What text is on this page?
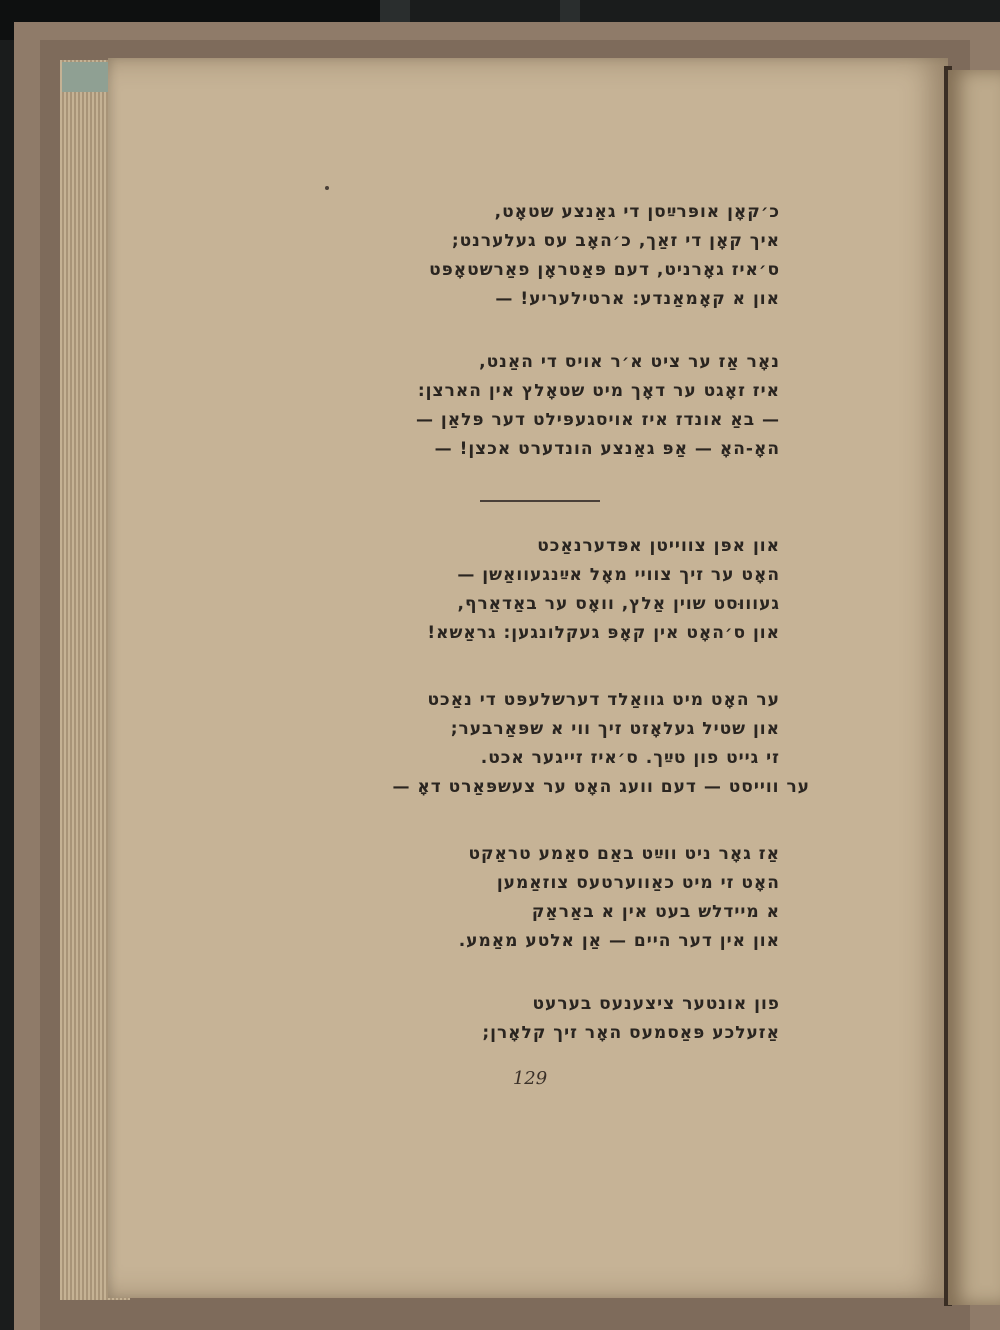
כ׳קאָן אופּרײַסן די גאַנצע שטאָט,
איך קאָן די זאַך, כ׳האָב עס געלערנט;
ס׳איז גאָרניט, דעם פּאַטראָן פאַרשטאָפּט
און א קאָמאַנדע: ארטילעריע! —
נאָר אַז ער ציט א׳ר אויס די האַנט,
איז זאָגט ער דאָך מיט שטאָלץ אין הארצן:
— באַ אונדז איז אויסגעפּילט דער פּלאַן —
האָ-האָ — אַפּ גאַנצע הונדערט אכצן! —
און אפּן צווייטן אפּדערנאַכט
האָט ער זיך צוויי מאָל אײַנגעוואַשן —
געוווּסט שוין אַלץ, וואָס ער באַדאַרף,
און ס׳האָט אין קאָפּ געקלונגען: גראַשא!
ער האָט מיט גוואַלד דערשלעפּט די נאַכט
און שטיל געלאָזט זיך ווי א שפּאַרבער;
זי גייט פון טײַך. ס׳איז זייגער אכט.
ער ווייסט — דעם וועג האָט ער צעשפּאַרט דאָ —
אַז גאָר ניט ווײַט באַם סאַמע טראַקט
האָט זי מיט כאַווערטעס צוזאַמען
א מיידלש בעט אין א באַראַק
און אין דער היים — אַן אלטע מאַמע.
פון אונטער ציצענעס בערעט
אַזעלכע פּאַסמעס האָר זיך קלאָרן;
129
